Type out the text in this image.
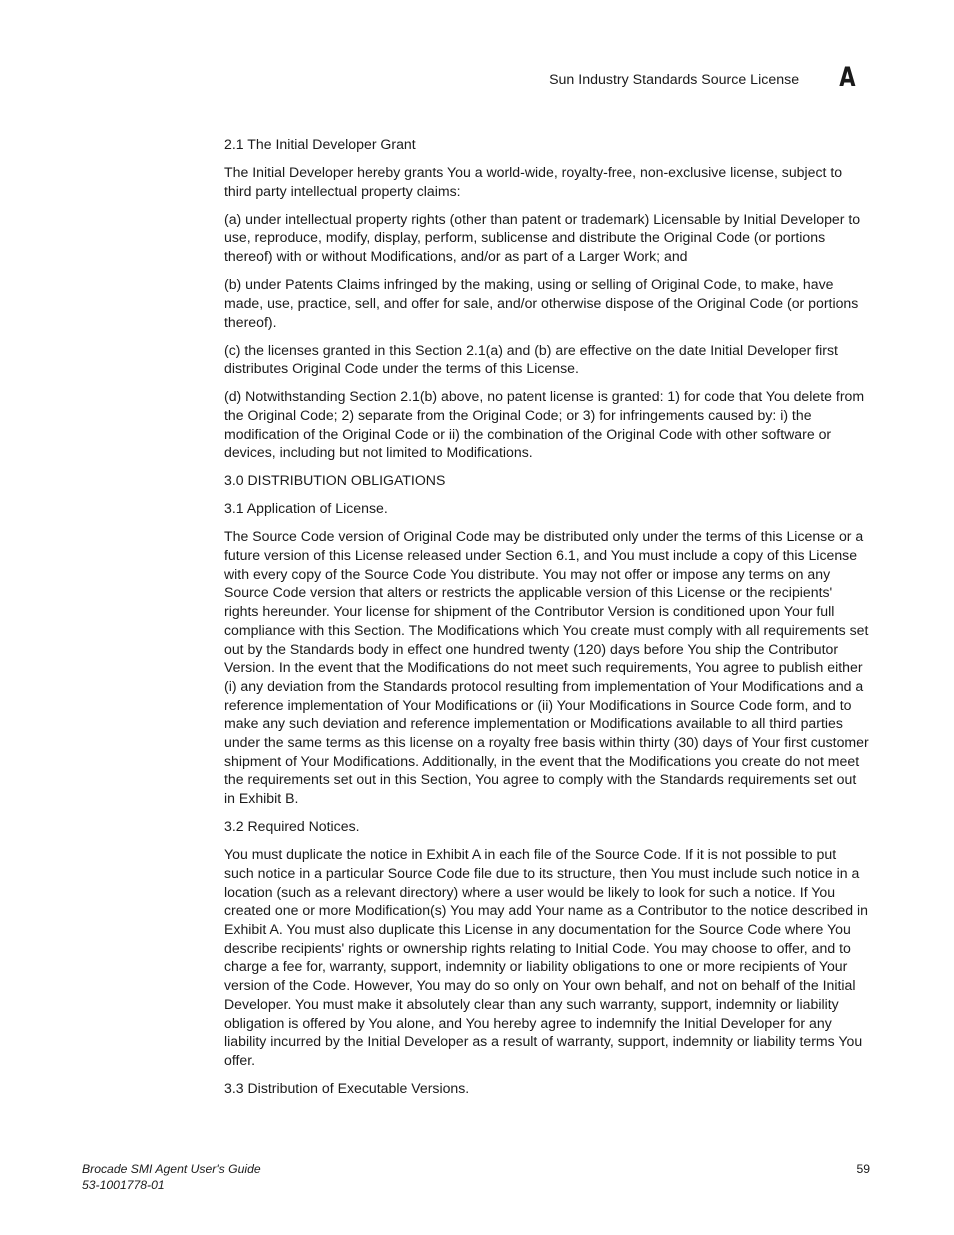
Sun Industry Standards Source License A

2.1 The Initial Developer Grant

The Initial Developer hereby grants You a world-wide, royalty-free, non-exclusive license, subject to third party intellectual property claims:

(a) under intellectual property rights (other than patent or trademark) Licensable by Initial Developer to use, reproduce, modify, display, perform, sublicense and distribute the Original Code (or portions thereof) with or without Modifications, and/or as part of a Larger Work; and

(b) under Patents Claims infringed by the making, using or selling of Original Code, to make, have made, use, practice, sell, and offer for sale, and/or otherwise dispose of the Original Code (or portions thereof).

(c) the licenses granted in this Section 2.1(a) and (b) are effective on the date Initial Developer first distributes Original Code under the terms of this License.

(d) Notwithstanding Section 2.1(b) above, no patent license is granted: 1) for code that You delete from the Original Code; 2) separate from the Original Code; or 3) for infringements caused by: i) the modification of the Original Code or ii) the combination of the Original Code with other software or devices, including but not limited to Modifications.

3.0 DISTRIBUTION OBLIGATIONS

3.1 Application of License.

The Source Code version of Original Code may be distributed only under the terms of this License or a future version of this License released under Section 6.1, and You must include a copy of this License with every copy of the Source Code You distribute. You may not offer or impose any terms on any Source Code version that alters or restricts the applicable version of this License or the recipients' rights hereunder. Your license for shipment of the Contributor Version is conditioned upon Your full compliance with this Section. The Modifications which You create must comply with all requirements set out by the Standards body in effect one hundred twenty (120) days before You ship the Contributor Version. In the event that the Modifications do not meet such requirements, You agree to publish either (i) any deviation from the Standards protocol resulting from implementation of Your Modifications and a reference implementation of Your Modifications or (ii) Your Modifications in Source Code form, and to make any such deviation and reference implementation or Modifications available to all third parties under the same terms as this license on a royalty free basis within thirty (30) days of Your first customer shipment of Your Modifications. Additionally, in the event that the Modifications you create do not meet the requirements set out in this Section, You agree to comply with the Standards requirements set out in Exhibit B.

3.2 Required Notices.

You must duplicate the notice in Exhibit A in each file of the Source Code. If it is not possible to put such notice in a particular Source Code file due to its structure, then You must include such notice in a location (such as a relevant directory) where a user would be likely to look for such a notice. If You created one or more Modification(s) You may add Your name as a Contributor to the notice described in Exhibit A. You must also duplicate this License in any documentation for the Source Code where You describe recipients' rights or ownership rights relating to Initial Code. You may choose to offer, and to charge a fee for, warranty, support, indemnity or liability obligations to one or more recipients of Your version of the Code. However, You may do so only on Your own behalf, and not on behalf of the Initial Developer. You must make it absolutely clear than any such warranty, support, indemnity or liability obligation is offered by You alone, and You hereby agree to indemnify the Initial Developer for any liability incurred by the Initial Developer as a result of warranty, support, indemnity or liability terms You offer.

3.3 Distribution of Executable Versions.

Brocade SMI Agent User's Guide
53-1001778-01
59
